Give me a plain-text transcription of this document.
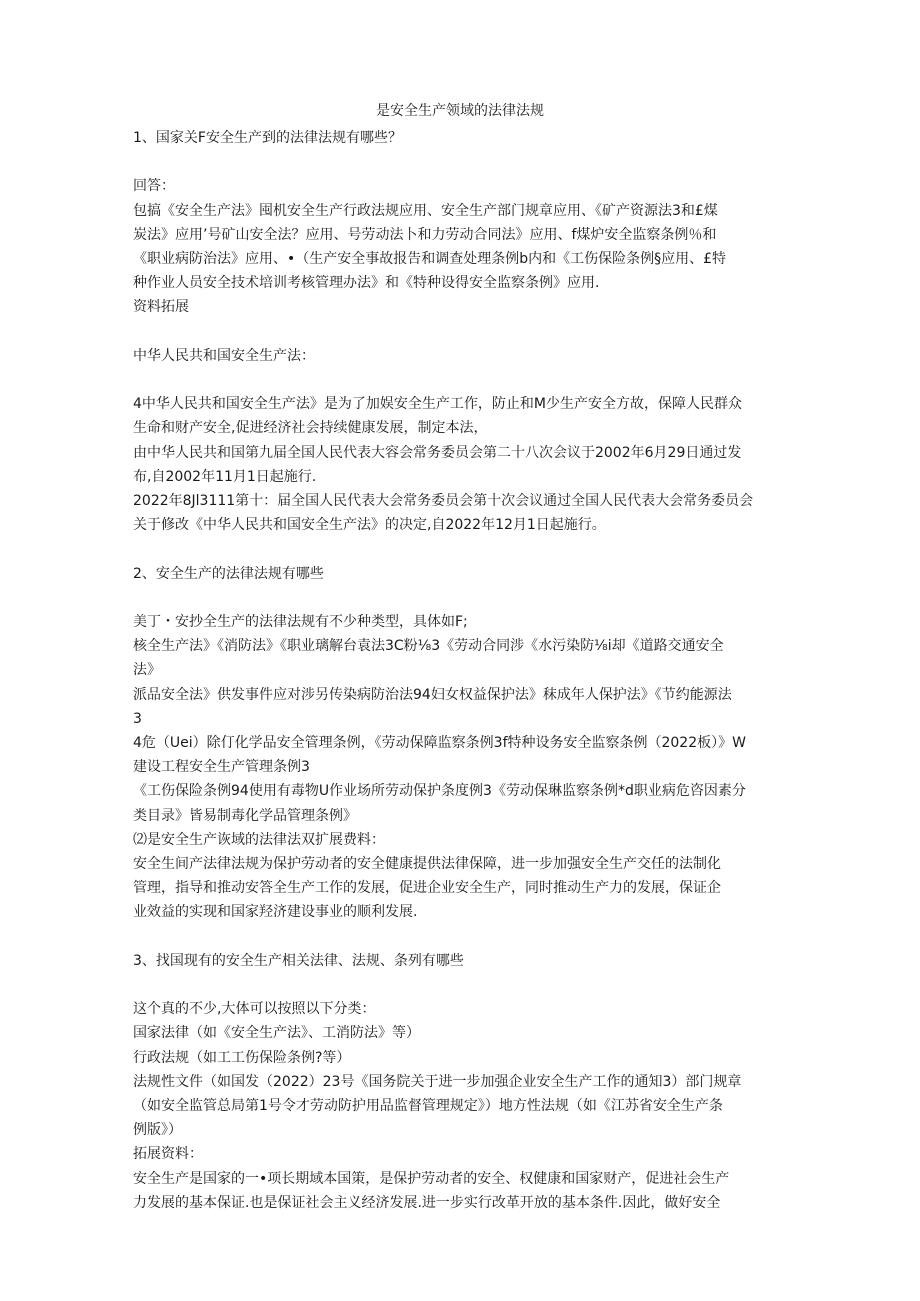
是安全生产领域的法律法规

1、国家关F安全生产到的法律法规有哪些？

回答：

包搞《安全生产法》囤机安全生产行政法规应用、安全生产部门规章应用、《矿产资源法3和£煤

炭法》应用’号矿山安全法？应用、号劳动法卜和力劳动合同法》应用、f煤炉安全监察条例％和

《职业病防治法》应用、•（生产安全事故报告和调查处理条例b内和《工伤保险条例§应用、£特

种作业人员安全技术培训考核管理办法》和《特种设得安全监察条例》应用.

资料拓展

中华人民共和国安全生产法：

4中华人民共和国安全生产法》是为了加娱安全生产工作，防止和M少生产安全方故，保障人民群众

生命和财产安全,促进经济社会持续健康发展，制定本法，

由中华人民共和国第九届全国人民代表大容会常务委员会第二十八次会议于2002年6月29日通过发

布,自2002年11月1日起施行.

2022年8Jl3111第十：届全国人民代表大会常务委员会第十次会议通过全国人民代表大会常务委员会

关于修改《中华人民共和国安全生产法》的决定,自2022年12月1日起施行。

2、安全生产的法律法规有哪些

美丁・安抄全生产的法律法规有不少种类型，具体如F;

核全生产法》《消防法》《职业璃解台袁法3C粉⅛3《劳动合同涉《水污染防⅛i却《道路交通安全

法》

派品安全法》供发事件应对涉另传染病防治法94妇女权益保护法》秣成年人保护法》《节约能源法

3

4危（Uei）除仃化学品安全管理条例，《劳动保障监察条例3f特种设务安全监察条例（2022板）》W

建设工程安全生产管理条例3

《工伤保险条例94使用有毒物U作业场所劳动保护条度例3《劳动保琳监察条例*d职业病危咨因素分

类目录》皆易制毒化学品管理条例》

⑵是安全生产诙域的法律法双扩展费料：

安全生间产法律法规为保护劳动者的安全健康提供法律保障，进一步加强安全生产交任的法制化

管理，指导和推动安答全生产工作的发展，促进企业安全生产，同时推动生产力的发展，保证企

业效益的实现和国家羟济建设事业的顺利发展.

3、找国现有的安全生产相关法律、法规、条列有哪些

这个真的不少,大体可以按照以下分类：

国家法律（如《安全生产法》、工消防法》等）

行政法规（如工工伤保险条例?等）

法规性文件（如国发（2022）23号《国务院关于进一步加强企业安全生产工作的通知3）部门规章

（如安全监管总局第1号令才劳动防护用品监督管理规定》）地方性法规（如《江苏省安全生产条

例版》）

拓展资料：

安全生产是国家的一•项长期域本国策，是保护劳动者的安全、权健康和国家财产，促进社会生产

力发展的基本保证.也是保证社会主义经济发展.进一步实行改革开放的基本条件.因此，做好安全
